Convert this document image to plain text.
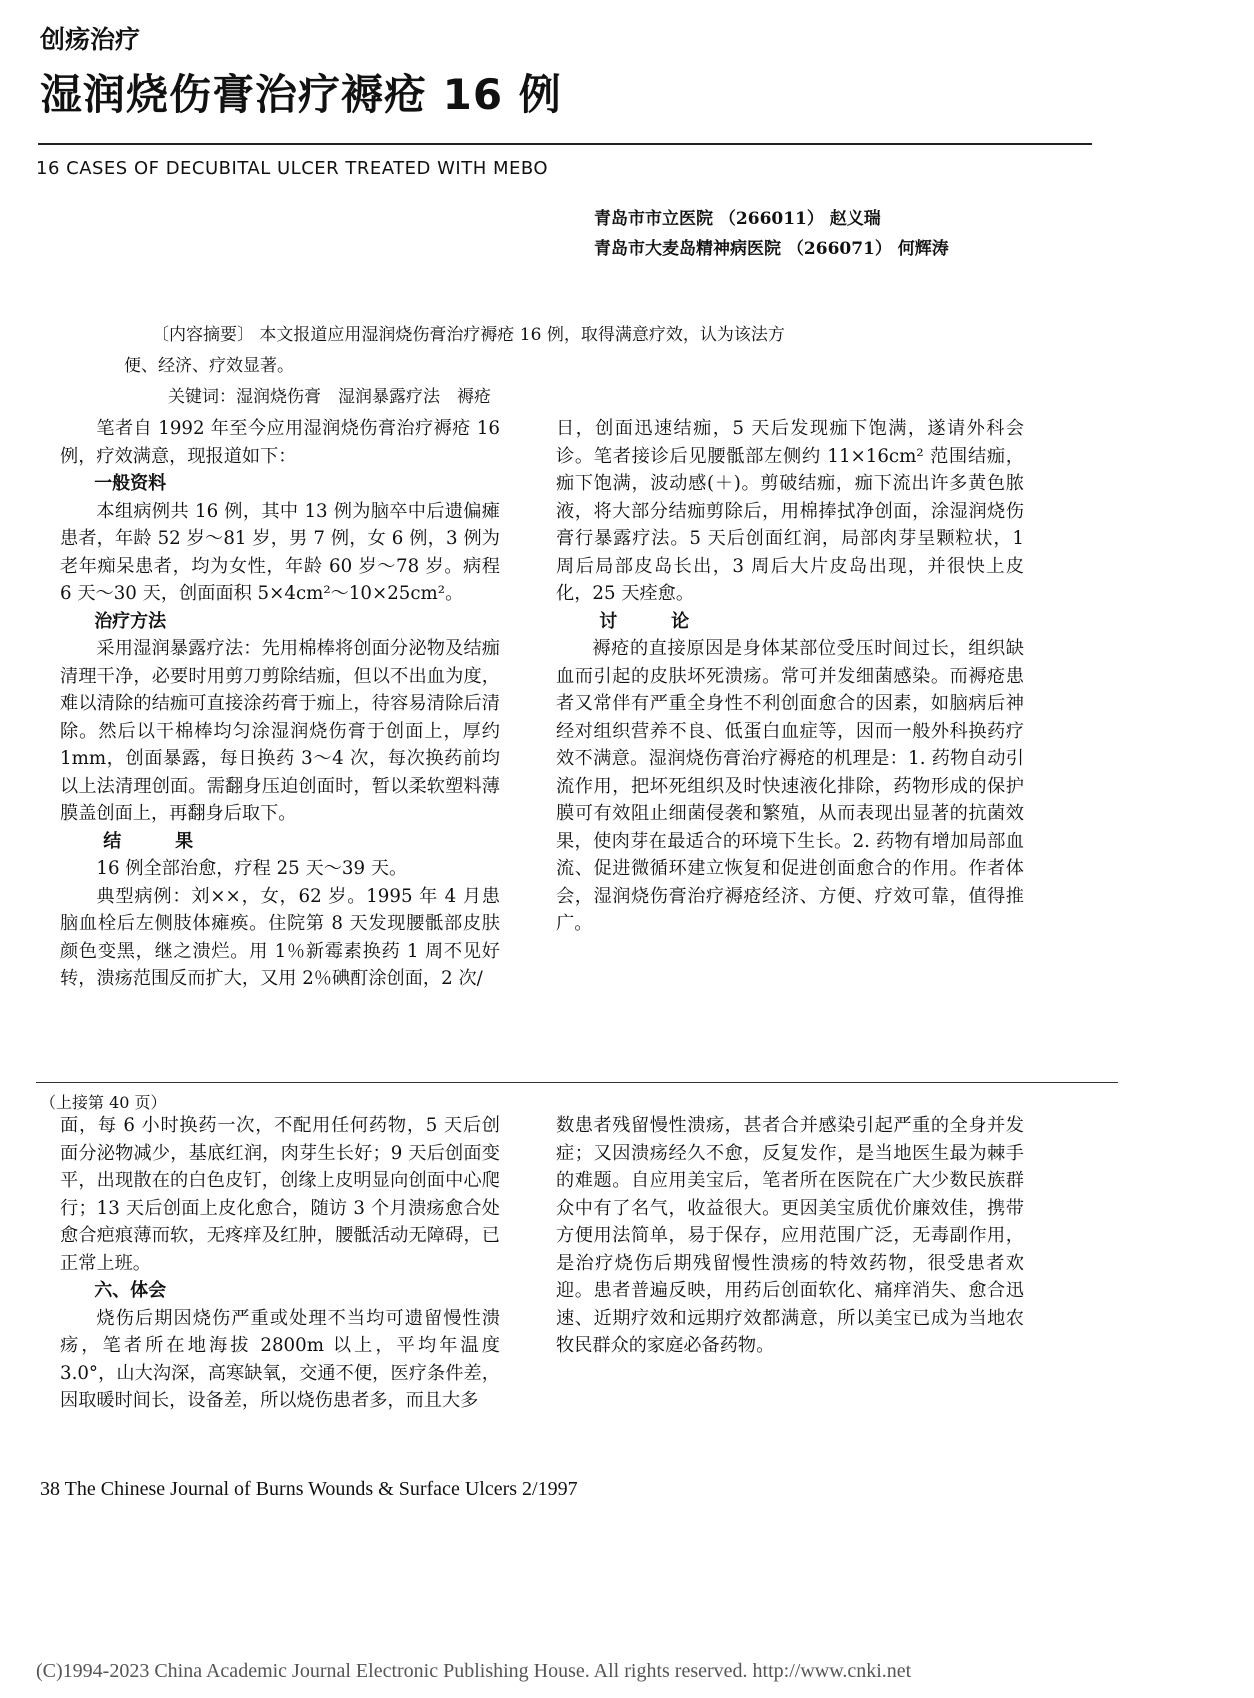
创疡治疗
湿润烧伤膏治疗褥疮 16 例
16 CASES OF DECUBITAL ULCER TREATED WITH MEBO
青岛市市立医院 （266011） 赵义瑞
青岛市大麦岛精神病医院 （266071） 何辉涛
〔内容摘要〕 本文报道应用湿润烧伤膏治疗褥疮 16 例，取得满意疗效，认为该法方
便、经济、疗效显著。
关键词：湿润烧伤膏　湿润暴露疗法　褥疮

笔者自 1992 年至今应用湿润烧伤膏治疗褥疮 16 例，疗效满意，现报道如下：

一般资料

本组病例共 16 例，其中 13 例为脑卒中后遗偏瘫患者，年龄 52 岁～81 岁，男 7 例，女 6 例，3 例为老年痴呆患者，均为女性，年龄 60 岁～78 岁。病程 6 天～30 天，创面面积 5×4cm²～10×25cm²。

治疗方法

采用湿润暴露疗法：先用棉棒将创面分泌物及结痂清理干净，必要时用剪刀剪除结痂，但以不出血为度，难以清除的结痂可直接涂药膏于痂上，待容易清除后清除。然后以干棉棒均匀涂湿润烧伤膏于创面上，厚约 1mm，创面暴露，每日换药 3～4 次，每次换药前均以上法清理创面。需翻身压迫创面时，暂以柔软塑料薄膜盖创面上，再翻身后取下。

结果

16 例全部治愈，疗程 25 天～39 天。

典型病例：刘××，女，62 岁。1995 年 4 月患脑血栓后左侧肢体瘫痪。住院第 8 天发现腰骶部皮肤颜色变黑，继之溃烂。用 1％新霉素换药 1 周不见好转，溃疡范围反而扩大，又用 2％碘酊涂创面，2 次/

日，创面迅速结痂，5 天后发现痂下饱满，遂请外科会诊。笔者接诊后见腰骶部左侧约 11×16cm² 范围结痂，痂下饱满，波动感(＋)。剪破结痂，痂下流出许多黄色脓液，将大部分结痂剪除后，用棉捧拭净创面，涂湿润烧伤膏行暴露疗法。5 天后创面红润，局部肉芽呈颗粒状，1 周后局部皮岛长出，3 周后大片皮岛出现，并很快上皮化，25 天痊愈。

讨论

褥疮的直接原因是身体某部位受压时间过长，组织缺血而引起的皮肤坏死溃疡。常可并发细菌感染。而褥疮患者又常伴有严重全身性不利创面愈合的因素，如脑病后神经对组织营养不良、低蛋白血症等，因而一般外科换药疗效不满意。湿润烧伤膏治疗褥疮的机理是：1. 药物自动引流作用，把坏死组织及时快速液化排除，药物形成的保护膜可有效阻止细菌侵袭和繁殖，从而表现出显著的抗菌效果，使肉芽在最适合的环境下生长。2. 药物有增加局部血流、促进微循环建立恢复和促进创面愈合的作用。作者体会，湿润烧伤膏治疗褥疮经济、方便、疗效可靠，值得推广。

（上接第 40 页）

面，每 6 小时换药一次，不配用任何药物，5 天后创面分泌物减少，基底红润，肉芽生长好；9 天后创面变平，出现散在的白色皮钉，创缘上皮明显向创面中心爬行；13 天后创面上皮化愈合，随访 3 个月溃疡愈合处愈合疤痕薄而软，无疼痒及红肿，腰骶活动无障碍，已正常上班。

六、体会

烧伤后期因烧伤严重或处理不当均可遗留慢性溃疡，笔者所在地海拔 2800m 以上，平均年温度 3.0°，山大沟深，高寒缺氧，交通不便，医疗条件差，因取暖时间长，设备差，所以烧伤患者多，而且大多

数患者残留慢性溃疡，甚者合并感染引起严重的全身并发症；又因溃疡经久不愈，反复发作，是当地医生最为棘手的难题。自应用美宝后，笔者所在医院在广大少数民族群众中有了名气，收益很大。更因美宝质优价廉效佳，携带方便用法简单，易于保存，应用范围广泛，无毒副作用，是治疗烧伤后期残留慢性溃疡的特效药物，很受患者欢迎。患者普遍反映，用药后创面软化、痛痒消失、愈合迅速、近期疗效和远期疗效都满意，所以美宝已成为当地农牧民群众的家庭必备药物。

38 The Chinese Journal of Burns Wounds & Surface Ulcers 2/1997
(C)1994-2023 China Academic Journal Electronic Publishing House. All rights reserved. http://www.cnki.net
